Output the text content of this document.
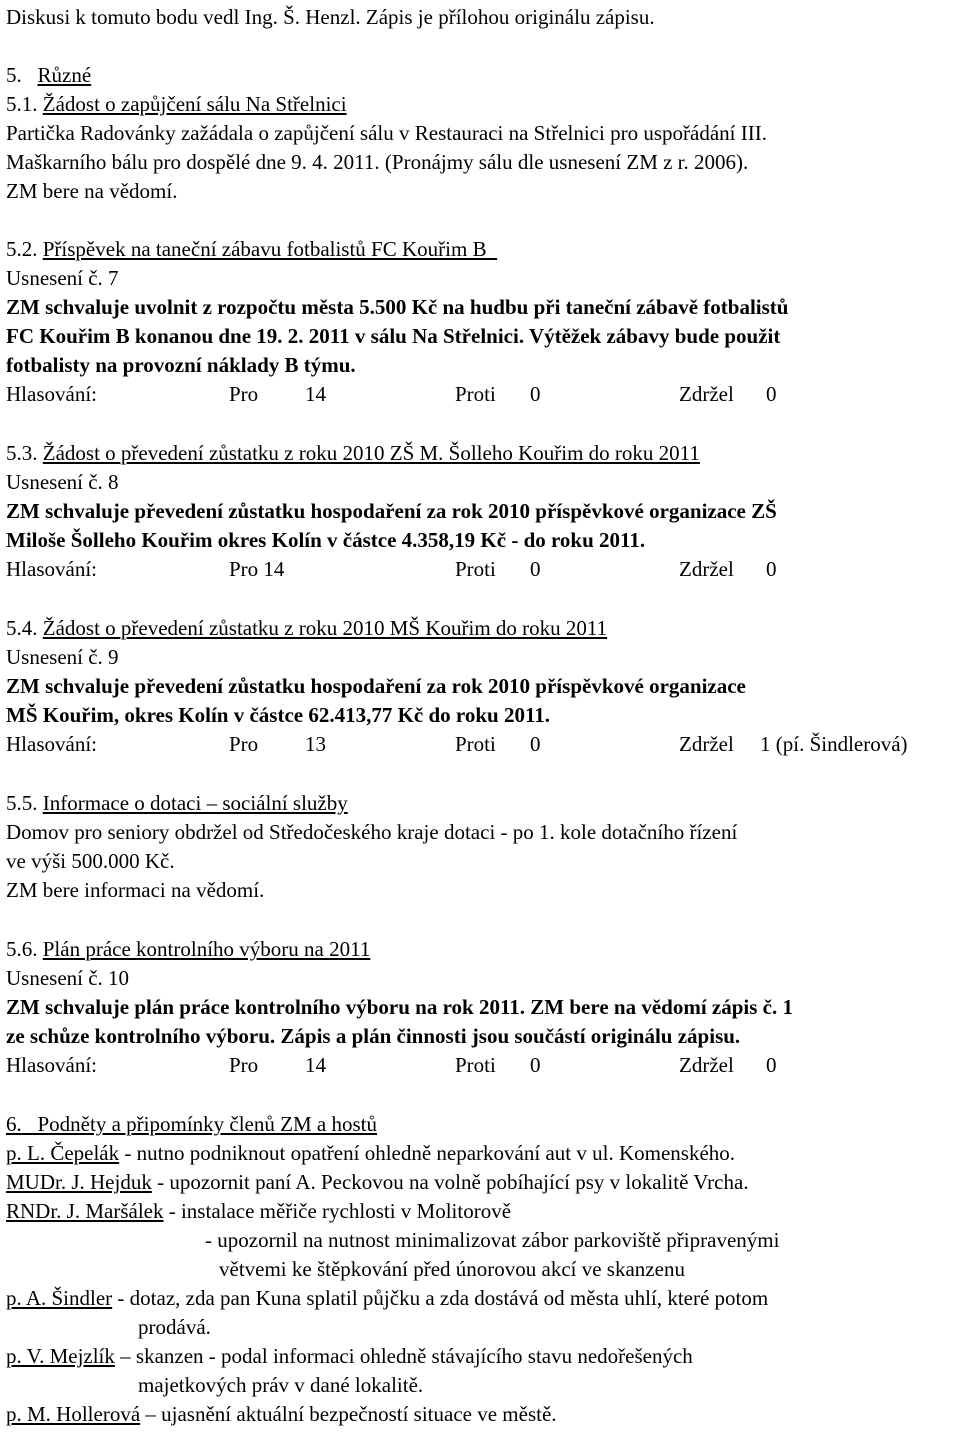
Diskusi k tomuto bodu vedl Ing. Š. Henzl. Zápis je přílohou originálu zápisu.
5. Různé
5.1. Žádost o zapůjčení sálu Na Střelnici
Partička Radovánky zažádala o zapůjčení sálu v Restauraci na Střelnici pro uspořádání III.
Maškarního bálu pro dospělé dne 9. 4. 2011. (Pronájmy sálu dle usnesení ZM z r. 2006).
ZM bere na vědomí.
5.2. Příspěvek na taneční zábavu fotbalistů FC Kouřim B
Usnesení č. 7
ZM schvaluje uvolnit z rozpočtu města 5.500 Kč na hudbu při taneční zábavě fotbalistů
FC Kouřim B konanou dne 19. 2. 2011 v sálu Na Střelnici. Výtěžek zábavy bude použit
fotbalisty na provozní náklady B týmu.
Hlasování:	Pro 14	Proti 0	Zdržel 0
5.3. Žádost o převedení zůstatku z roku 2010 ZŠ M. Šolleho Kouřim do roku 2011
Usnesení č. 8
ZM schvaluje převedení zůstatku hospodaření za rok 2010 příspěvkové organizace ZŠ
Miloše Šolleho Kouřim okres Kolín v částce 4.358,19 Kč - do roku 2011.
Hlasování:	Pro 14	Proti 0	Zdržel 0
5.4. Žádost o převedení zůstatku z roku 2010 MŠ Kouřim do roku 2011
Usnesení č. 9
ZM schvaluje převedení zůstatku hospodaření za rok 2010 příspěvkové organizace
MŠ Kouřim, okres Kolín v částce 62.413,77 Kč do roku 2011.
Hlasování:	Pro 13	Proti 0	Zdržel 1 (pí. Šindlerová)
5.5. Informace o dotaci – sociální služby
Domov pro seniory obdržel od Středočeského kraje dotaci - po 1. kole dotačního řízení
ve výši 500.000 Kč.
ZM bere informaci na vědomí.
5.6. Plán práce kontrolního výboru na 2011
Usnesení č. 10
ZM schvaluje plán práce kontrolního výboru na rok 2011. ZM bere na vědomí zápis č. 1
ze schůze kontrolního výboru. Zápis a plán činnosti jsou součástí originálu zápisu.
Hlasování:	Pro 14	Proti 0	Zdržel 0
6. Podněty a připomínky členů ZM a hostů
p. L. Čepelák - nutno podniknout opatření ohledně neparkování aut v ul. Komenského.
MUDr. J. Hejduk - upozornit paní A. Peckovou na volně pobíhající psy v lokalitě Vrcha.
RNDr. J. Maršálek - instalace měřiče rychlosti v Molitorově
- upozornil na nutnost minimalizovat zábor parkoviště připravenými
větvemi ke štěpkování před únorovou akcí ve skanzenu
p. A. Šindler - dotaz, zda pan Kuna splatil půjčku a zda dostává od města uhlí, které potom
prodává.
p. V. Mejzlík – skanzen - podal informaci ohledně stávajícího stavu nedořešených
majetkových práv v dané lokalitě.
p. M. Hollerová – ujasnění aktuální bezpečností situace ve městě.
